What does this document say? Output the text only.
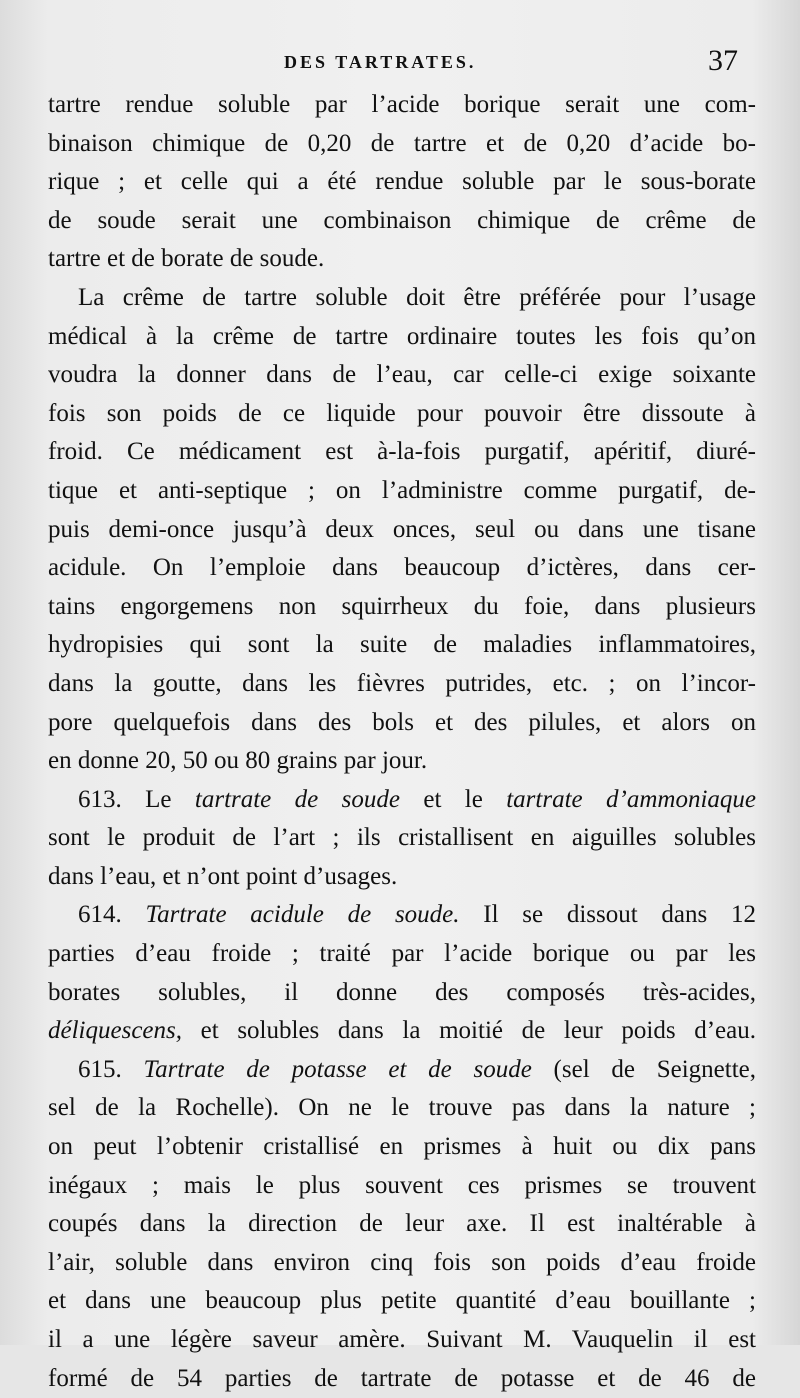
DES TARTRATES.	37
tartre rendue soluble par l’acide borique serait une com-
binaison chimique de 0,20 de tartre et de 0,20 d’acide bo-
rique ; et celle qui a été rendue soluble par le sous-borate
de soude serait une combinaison chimique de crême de
tartre et de borate de soude.
La crême de tartre soluble doit être préférée pour l’usage
médical à la crême de tartre ordinaire toutes les fois qu’on
voudra la donner dans de l’eau, car celle-ci exige soixante
fois son poids de ce liquide pour pouvoir être dissoute à
froid. Ce médicament est à-la-fois purgatif, apéritif, diuré-
tique et anti-septique ; on l’administre comme purgatif, de-
puis demi-once jusqu’à deux onces, seul ou dans une tisane
acidule. On l’emploie dans beaucoup d’ictères, dans cer-
tains engorgemens non squirrheux du foie, dans plusieurs
hydropisies qui sont la suite de maladies inflammatoires,
dans la goutte, dans les fièvres putrides, etc. ; on l’incor-
pore quelquefois dans des bols et des pilules, et alors on
en donne 20, 50 ou 80 grains par jour.
613. Le tartrate de soude et le tartrate d’ammoniaque
sont le produit de l’art ; ils cristallisent en aiguilles solubles
dans l’eau, et n’ont point d’usages.
614. Tartrate acidule de soude. Il se dissout dans 12
parties d’eau froide ; traité par l’acide borique ou par les
borates solubles, il donne des composés très-acides,
déliquescens, et solubles dans la moitié de leur poids d’eau.
615. Tartrate de potasse et de soude (sel de Seignette,
sel de la Rochelle). On ne le trouve pas dans la nature ;
on peut l’obtenir cristallisé en prismes à huit ou dix pans
inégaux ; mais le plus souvent ces prismes se trouvent
coupés dans la direction de leur axe. Il est inaltérable à
l’air, soluble dans environ cinq fois son poids d’eau froide
et dans une beaucoup plus petite quantité d’eau bouillante ;
il a une légère saveur amère. Suivant M. Vauquelin il est
formé de 54 parties de tartrate de potasse et de 46 de
